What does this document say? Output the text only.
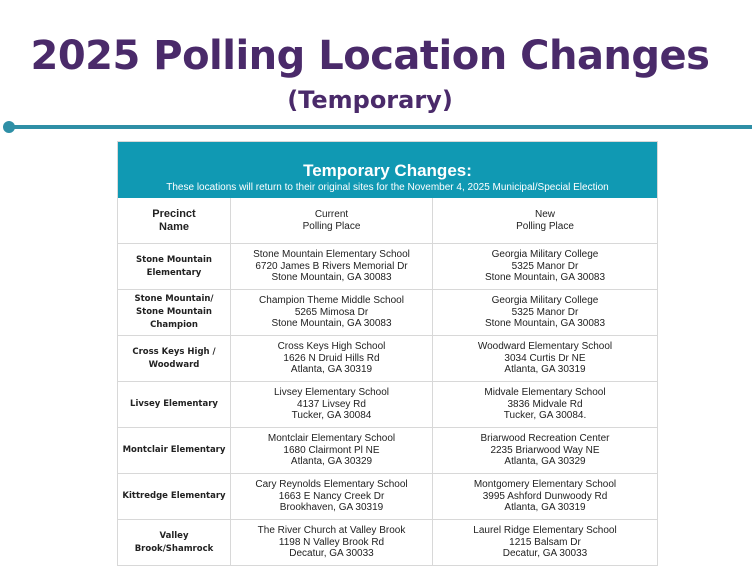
2025 Polling Location Changes
(Temporary)
Temporary Changes:
These locations will return to their original sites for the November 4, 2025 Municipal/Special Election
Precinct
Name
Current
Polling Place
New
Polling Place
Stone Mountain
Elementary
Stone Mountain Elementary School
6720 James B Rivers Memorial Dr
Stone Mountain, GA 30083
Georgia Military College
5325 Manor Dr
Stone Mountain, GA 30083
Stone Mountain/
Stone Mountain
Champion
Champion Theme Middle School
5265 Mimosa Dr
Stone Mountain, GA 30083
Georgia Military College
5325 Manor Dr
Stone Mountain, GA 30083
Cross Keys High /
Woodward
Cross Keys High School
1626 N Druid Hills Rd
Atlanta, GA 30319
Woodward Elementary School
3034 Curtis Dr NE
Atlanta, GA 30319
Livsey Elementary
Livsey Elementary School
4137 Livsey Rd
Tucker, GA 30084
Midvale Elementary School
3836 Midvale Rd
Tucker, GA 30084.
Montclair Elementary
Montclair Elementary School
1680 Clairmont Pl NE
Atlanta, GA 30329
Briarwood Recreation Center
2235 Briarwood Way NE
Atlanta, GA 30329
Kittredge Elementary
Cary Reynolds Elementary School
1663 E Nancy Creek Dr
Brookhaven, GA 30319
Montgomery Elementary School
3995 Ashford Dunwoody Rd
Atlanta, GA 30319
Valley
Brook/Shamrock
The River Church at Valley Brook
1198 N Valley Brook Rd
Decatur, GA 30033
Laurel Ridge Elementary School
1215 Balsam Dr
Decatur, GA 30033
